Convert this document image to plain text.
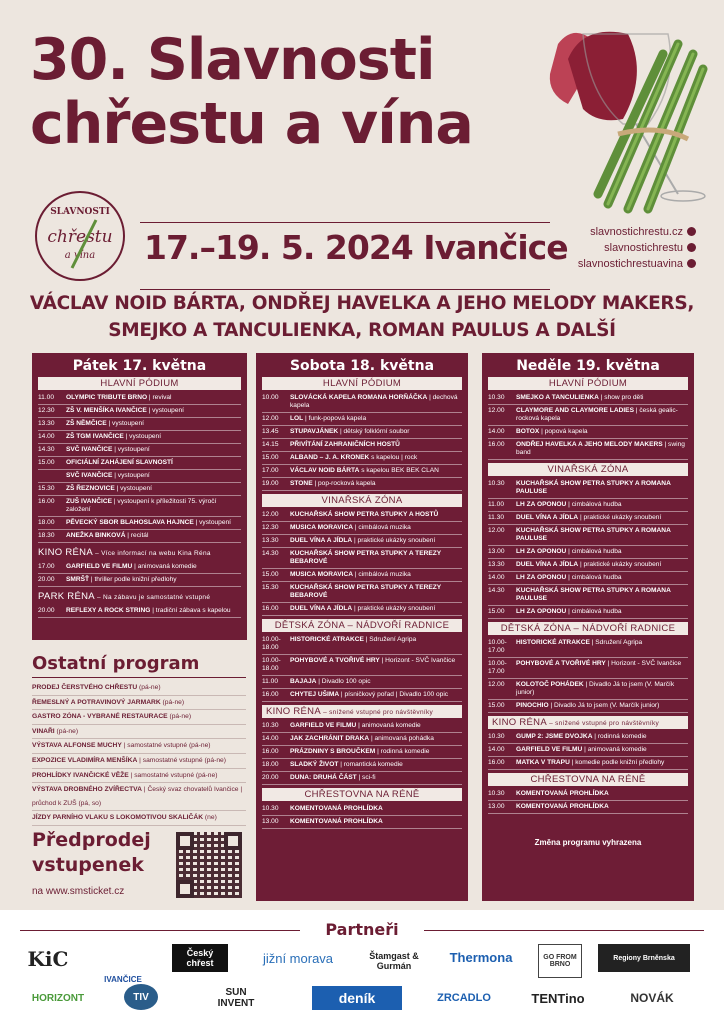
30. Slavnosti
chřestu a vína
SLAVNOSTI
chřestu
a vína 17.–19. 5. 2024 Ivančice	slavnostichrestu.cz
slavnostichrestu
slavnostichrestuavina
VÁCLAV NOID BÁRTA, ONDŘEJ HAVELKA A JEHO MELODY MAKERS, SMEJKO A TANCULIENKA, ROMAN PAULUS A DALŠÍ
Pátek 17. května
HLAVNÍ PÓDIUM
11.00	OLYMPIC TRIBUTE BRNO | revival
12.30	ZŠ V. MENŠÍKA IVANČICE | vystoupení
13.30	ZŠ NĚMČICE | vystoupení
14.00	ZŠ TGM IVANČICE | vystoupení
14.30	SVČ IVANČICE | vystoupení
15.00	OFICIÁLNÍ ZAHÁJENÍ SLAVNOSTÍ
SVČ IVANČICE | vystoupení
15.30	ZŠ ŘEZNOVICE | vystoupení
16.00	ZUŠ IVANČICE | vystoupení k příležitosti 75. výročí založení
18.00	PĚVECKÝ SBOR BLAHOSLAVA HAJNCE | vystoupení
18.30	ANEŽKA BINKOVÁ | recitál
KINO RÉNA – Více informací na webu Kina Réna
17.00	GARFIELD VE FILMU | animovaná komedie
20.00	SMRŠŤ | thriller podle knižní předlohy
PARK RÉNA – Na zábavu je samostatné vstupné
20.00	REFLEXY A ROCK STRING | tradiční zábava s kapelou
Sobota 18. května
HLAVNÍ PÓDIUM
10.00	SLOVÁCKÁ KAPELA ROMANA HORŇÁČKA | dechová kapela
12.00	LOL | funk-popová kapela
13.45	STUPAVJÁNEK | dětský folklórní soubor
14.15	PŘIVÍTÁNÍ ZAHRANIČNÍCH HOSTŮ
15.00	ALBAND – J. A. KRONEK s kapelou | rock
17.00	VÁCLAV NOID BÁRTA s kapelou BEK BEK CLAN
19.00	STONE | pop-rocková kapela
VINAŘSKÁ ZÓNA
12.00	KUCHAŘSKÁ SHOW PETRA STUPKY A HOSTŮ
12.30	MUSICA MORAVICA | cimbálová muzika
13.30	DUEL VÍNA A JÍDLA | praktické ukázky snoubení
14.30	KUCHAŘSKÁ SHOW PETRA STUPKY A TEREZY BEBAROVÉ
15.00	MUSICA MORAVICA | cimbálová muzika
15.30	KUCHAŘSKÁ SHOW PETRA STUPKY A TEREZY BEBAROVÉ
16.00	DUEL VÍNA A JÍDLA | praktické ukázky snoubení
DĚTSKÁ ZÓNA – NÁDVOŘÍ RADNICE
10.00-18.00
HISTORICKÉ ATRAKCE | Sdružení Agripa
10.00-18.00
POHYBOVÉ A TVOŘIVÉ HRY | Horizont - SVČ Ivančice
11.00	BAJAJA | Divadlo 100 opic
16.00	CHYTEJ UŠIMA | písničkový pořad | Divadlo 100 opic
KINO RÉNA – snížené vstupné pro návštěvníky
10.30	GARFIELD VE FILMU | animovaná komedie
14.00	JAK ZACHRÁNIT DRAKA | animovaná pohádka
16.00	PRÁZDNINY S BROUČKEM | rodinná komedie
18.00	SLADKÝ ŽIVOT | romantická komedie
20.00	DUNA: DRUHÁ ČÁST | sci-fi
CHŘESTOVNA NA RÉNĚ
10.30	KOMENTOVANÁ PROHLÍDKA
13.00	KOMENTOVANÁ PROHLÍDKA
Neděle 19. května
HLAVNÍ PÓDIUM
10.30	SMEJKO A TANCULIENKA | show pro děti
12.00	CLAYMORE AND CLAYMORE LADIES | česká gealic-rocková kapela
14.00	BOTOX | popová kapela
16.00	ONDŘEJ HAVELKA A JEHO MELODY MAKERS | swing band
VINAŘSKÁ ZÓNA
10.30	KUCHAŘSKÁ SHOW PETRA STUPKY A ROMANA PAULUSE
11.00	LH ZA OPONOU | cimbálová hudba
11.30	DUEL VÍNA A JÍDLA | praktické ukázky snoubení
12.00	KUCHAŘSKÁ SHOW PETRA STUPKY A ROMANA PAULUSE
13.00	LH ZA OPONOU | cimbálová hudba
13.30	DUEL VÍNA A JÍDLA | praktické ukázky snoubení
14.00	LH ZA OPONOU | cimbálová hudba
14.30	KUCHAŘSKÁ SHOW PETRA STUPKY A ROMANA PAULUSE
15.00	LH ZA OPONOU | cimbálová hudba
DĚTSKÁ ZÓNA – NÁDVOŘÍ RADNICE
10.00-17.00
HISTORICKÉ ATRAKCE | Sdružení Agripa
10.00-17.00
POHYBOVÉ A TVOŘIVÉ HRY | Horizont - SVČ Ivančice
12.00	KOLOTOČ POHÁDEK | Divadlo Já to jsem (V. Marčík junior)
15.00	PINOCHIO | Divadlo Já to jsem (V. Marčík junior)
KINO RÉNA – snížené vstupné pro návštěvníky
10.30	GUMP 2: JSME DVOJKA | rodinná komedie
14.00	GARFIELD VE FILMU | animovaná komedie
16.00	MATKA V TRAPU | komedie podle knižní předlohy
CHŘESTOVNA NA RÉNĚ
10.30	KOMENTOVANÁ PROHLÍDKA
13.00	KOMENTOVANÁ PROHLÍDKA
Změna programu vyhrazena
Ostatní program
PRODEJ ČERSTVÉHO CHŘESTU (pá-ne)
ŘEMESLNÝ A POTRAVINOVÝ JARMARK (pá-ne)
GASTRO ZÓNA - VYBRANÉ RESTAURACE (pá-ne)
VINAŘI (pá-ne)
VÝSTAVA ALFONSE MUCHY | samostatné vstupné (pá-ne)
EXPOZICE VLADIMÍRA MENŠÍKA | samostatné vstupné (pá-ne)
PROHLÍDKY IVANČICKÉ VĚŽE | samostatné vstupné (pá-ne)
VÝSTAVA DROBNÉHO ZVÍŘECTVA | Český svaz chovatelů Ivančice | průchod k ZUŠ (pá, so)
JÍZDY PARNÍHO VLAKU S LOKOMOTIVOU SKALIČÁK (ne)
Předprodej
vstupenek
na www.smsticket.cz
Partneři
KiC
IVANČICE
Český chřest	jižní morava	Štamgast & Gurmán
Thermona	GO FROM BRNO
Regiony Brněnska
HORIZONT	TIV	SUN INVENT	deník	ZRCADLO	TENTino	NOVÁK
